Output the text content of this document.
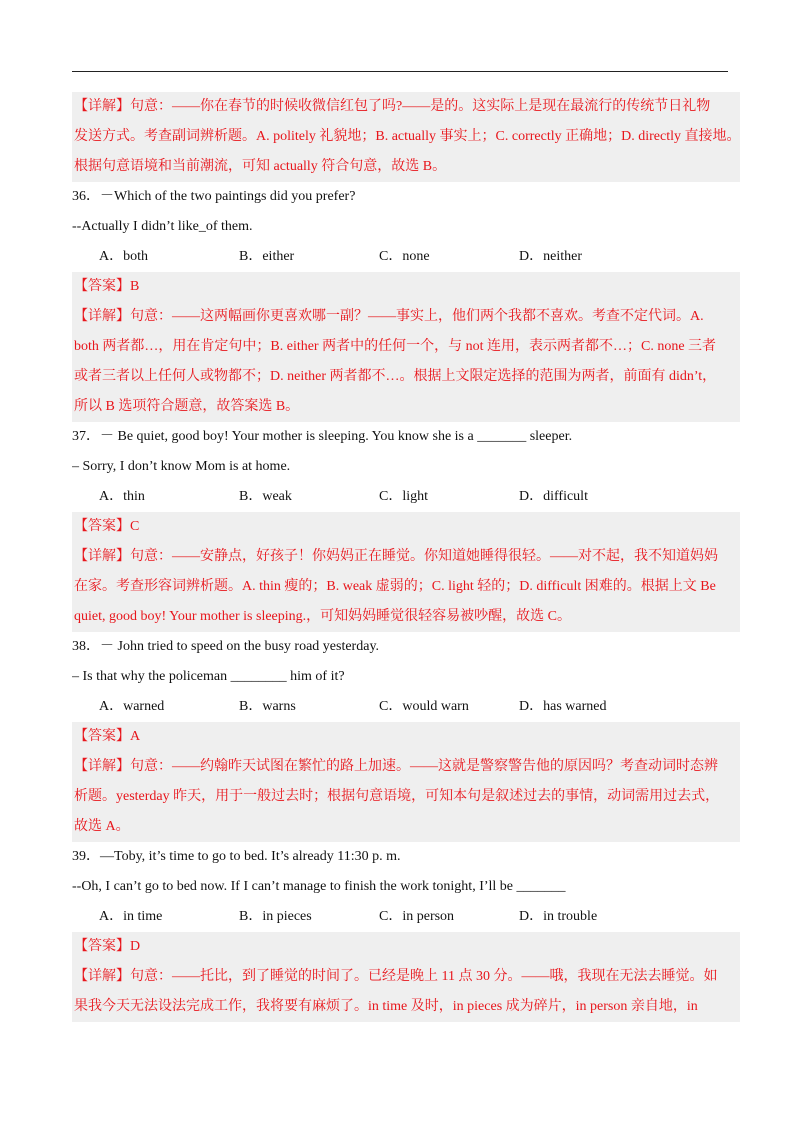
【详解】句意：——你在春节的时候收微信红包了吗?——是的。这实际上是现在最流行的传统节日礼物
发送方式。考查副词辨析题。A. politely 礼貌地；B. actually 事实上；C. correctly 正确地；D. directly 直接地。
根据句意语境和当前潮流，可知 actually 符合句意，故选 B。
36．－Which of the two paintings did you prefer?
--Actually I didn’t like_of them.
A．both	B．either	C．none	D．neither
【答案】B
【详解】句意：——这两幅画你更喜欢哪一副？——事实上，他们两个我都不喜欢。考查不定代词。A.
both 两者都…，用在肯定句中；B. either 两者中的任何一个，与 not 连用，表示两者都不…；C. none 三者
或者三者以上任何人或物都不；D. neither 两者都不…。根据上文限定选择的范围为两者，前面有 didn’t，
所以 B 选项符合题意，故答案选 B。
37．－ Be quiet, good boy! Your mother is sleeping. You know she is a _______ sleeper.
– Sorry, I don’t know Mom is at home.
A．thin	B．weak	C．light	D．difficult
【答案】C
【详解】句意：——安静点，好孩子！你妈妈正在睡觉。你知道她睡得很轻。——对不起，我不知道妈妈
在家。考查形容词辨析题。A. thin 瘦的；B. weak 虚弱的；C. light 轻的；D. difficult 困难的。根据上文 Be
quiet, good boy! Your mother is sleeping.，可知妈妈睡觉很轻容易被吵醒，故选 C。
38．－ John tried to speed on the busy road yesterday.
– Is that why the policeman ________ him of it?
A．warned	B．warns	C．would warn	D．has warned
【答案】A
【详解】句意：——约翰昨天试图在繁忙的路上加速。——这就是警察警告他的原因吗？考查动词时态辨
析题。yesterday 昨天，用于一般过去时；根据句意语境，可知本句是叙述过去的事情，动词需用过去式，
故选 A。
39．—Toby, it’s time to go to bed. It’s already 11:30 p. m.
--Oh, I can’t go to bed now. If I can’t manage to finish the work tonight, I’ll be _______
A．in time	B．in pieces	C．in person	D．in trouble
【答案】D
【详解】句意：——托比，到了睡觉的时间了。已经是晚上 11 点 30 分。——哦，我现在无法去睡觉。如
果我今天无法设法完成工作，我将要有麻烦了。in time 及时，in pieces 成为碎片，in person 亲自地，in
